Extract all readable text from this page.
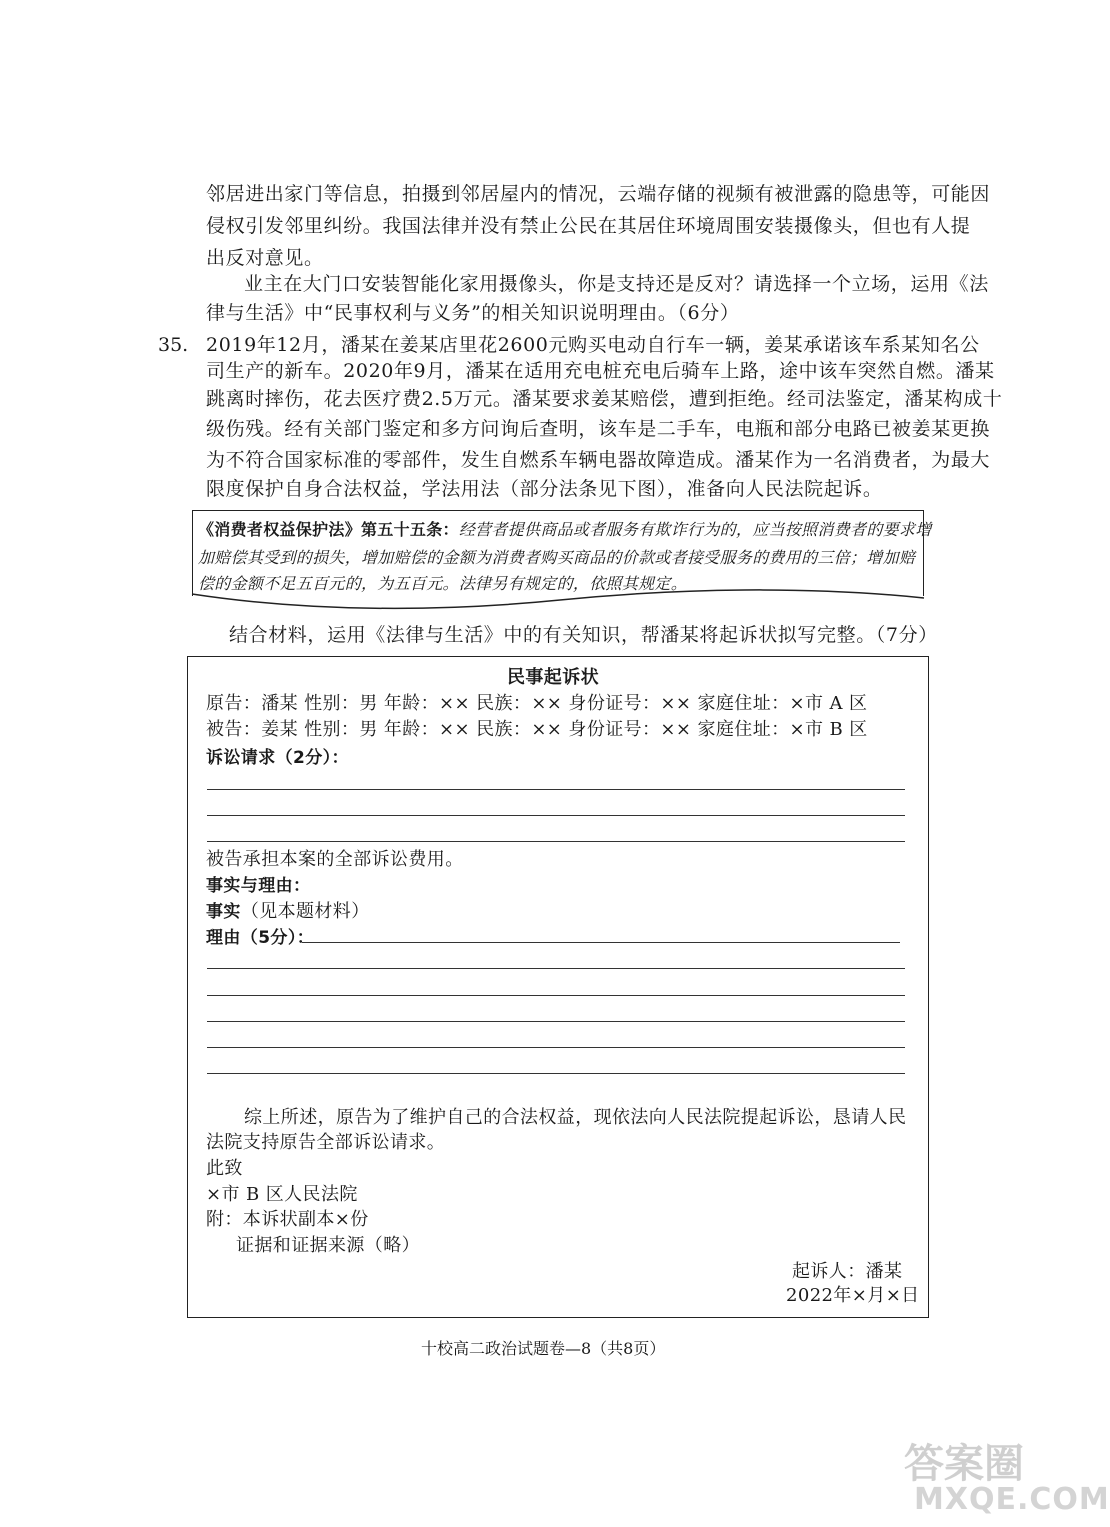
邻居进出家门等信息，拍摄到邻居屋内的情况，云端存储的视频有被泄露的隐患等，可能因
侵权引发邻里纠纷。我国法律并没有禁止公民在其居住环境周围安装摄像头，但也有人提
出反对意见。
业主在大门口安装智能化家用摄像头，你是支持还是反对？请选择一个立场，运用《法
律与生活》中“民事权利与义务”的相关知识说明理由。（6分）
35. 2019年12月，潘某在姜某店里花2600元购买电动自行车一辆，姜某承诺该车系某知名公
司生产的新车。2020年9月，潘某在适用充电桩充电后骑车上路，途中该车突然自燃。潘某
跳离时摔伤，花去医疗费2.5万元。潘某要求姜某赔偿，遭到拒绝。经司法鉴定，潘某构成十
级伤残。经有关部门鉴定和多方问询后查明，该车是二手车，电瓶和部分电路已被姜某更换
为不符合国家标准的零部件，发生自燃系车辆电器故障造成。潘某作为一名消费者，为最大
限度保护自身合法权益，学法用法（部分法条见下图），准备向人民法院起诉。
《消费者权益保护法》第五十五条：经营者提供商品或者服务有欺诈行为的，应当按照消费者的要求增
加赔偿其受到的损失，增加赔偿的金额为消费者购买商品的价款或者接受服务的费用的三倍；增加赔
偿的金额不足五百元的，为五百元。法律另有规定的，依照其规定。
结合材料，运用《法律与生活》中的有关知识，帮潘某将起诉状拟写完整。（7分）
民事起诉状
原告：潘某 性别：男 年龄：×× 民族：×× 身份证号：×× 家庭住址：×市 A 区
被告：姜某 性别：男 年龄：×× 民族：×× 身份证号：×× 家庭住址：×市 B 区
诉讼请求（2分）：
被告承担本案的全部诉讼费用。
事实与理由：
事实（见本题材料）
理由（5分）：
综上所述，原告为了维护自己的合法权益，现依法向人民法院提起诉讼，恳请人民
法院支持原告全部诉讼请求。
此致
×市 B 区人民法院
附：本诉状副本×份
证据和证据来源（略）
起诉人：潘某
2022年×月×日
十校高二政治试题卷—8（共8页）
答案圈
MXQE.COM
